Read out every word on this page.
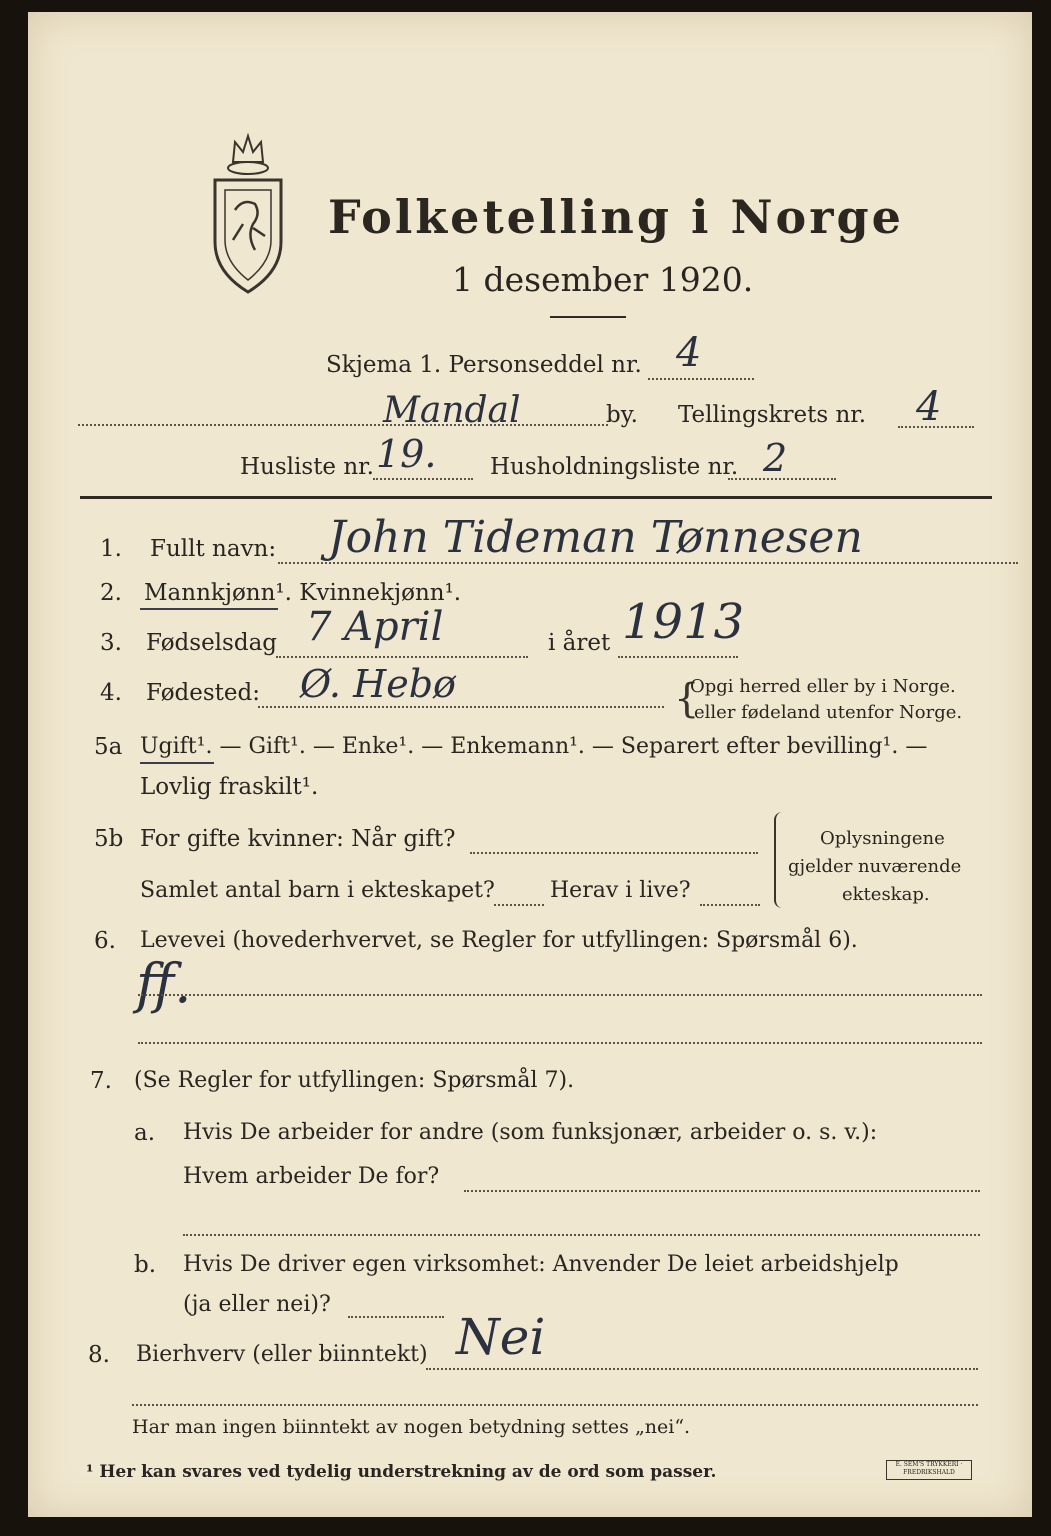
Folketelling i Norge
1 desember 1920.
Skjema 1. Personseddel nr. 4
Mandal	by. Tellingskrets nr. 4
Husliste nr. 19. Husholdningsliste nr. 2
1. Fullt navn: John Tideman Tønnesen
2. Mannkjønn¹. Kvinnekjønn¹.
3. Fødselsdag 7 April	i året 1913
4. Fødested: Ø. Hebø	{
Opgi herred eller by i Norge.
eller fødeland utenfor Norge.
5a Ugift¹. — Gift¹. — Enke¹. — Enkemann¹. — Separert efter bevilling¹. —
Lovlig fraskilt¹.
5b For gifte kvinner: Når gift?
Samlet antal barn i ekteskapet?	Herav i live?
Oplysningene
gjelder nuværende
ekteskap.
6. Levevei (hovederhvervet, se Regler for utfyllingen: Spørsmål 6).
ff.
7. (Se Regler for utfyllingen: Spørsmål 7).
a. Hvis De arbeider for andre (som funksjonær, arbeider o. s. v.):
Hvem arbeider De for?
b. Hvis De driver egen virksomhet: Anvender De leiet arbeidshjelp
(ja eller nei)?
8. Bierhverv (eller biinntekt) Nei
Har man ingen biinntekt av nogen betydning settes „nei“.
¹ Her kan svares ved tydelig understrekning av de ord som passer.	E. SEM'S TRYKKERI · FREDRIKSHALD
